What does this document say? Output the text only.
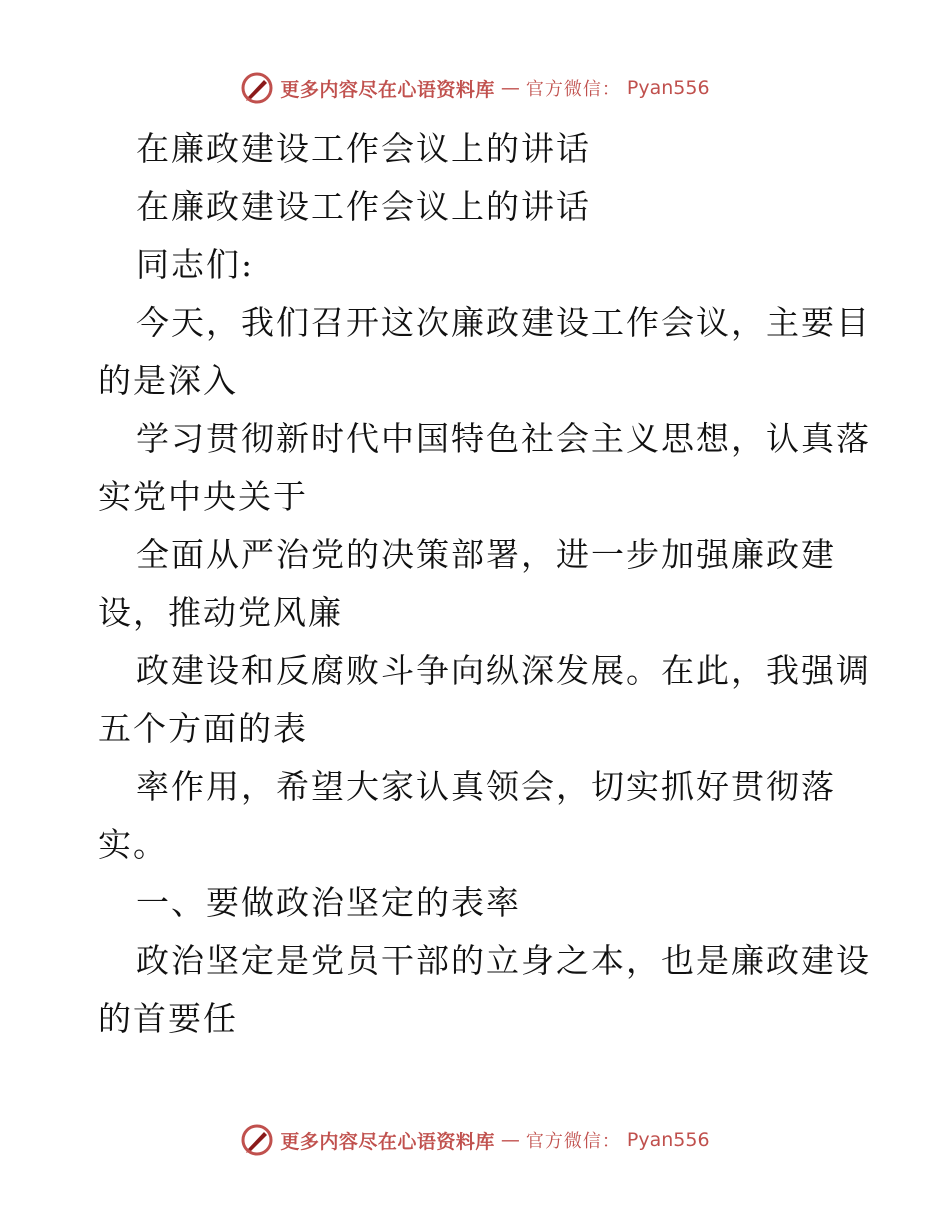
更多内容尽在心语资料库 — 官方微信： Pyan556
在廉政建设工作会议上的讲话
在廉政建设工作会议上的讲话
同志们:
今天，我们召开这次廉政建设工作会议，主要目
的是深入
学习贯彻新时代中国特色社会主义思想，认真落
实党中央关于
全面从严治党的决策部署，进一步加强廉政建
设，推动党风廉
政建设和反腐败斗争向纵深发展。在此，我强调
五个方面的表
率作用，希望大家认真领会，切实抓好贯彻落
实。
一、要做政治坚定的表率
政治坚定是党员干部的立身之本，也是廉政建设
的首要任
更多内容尽在心语资料库 — 官方微信： Pyan556
